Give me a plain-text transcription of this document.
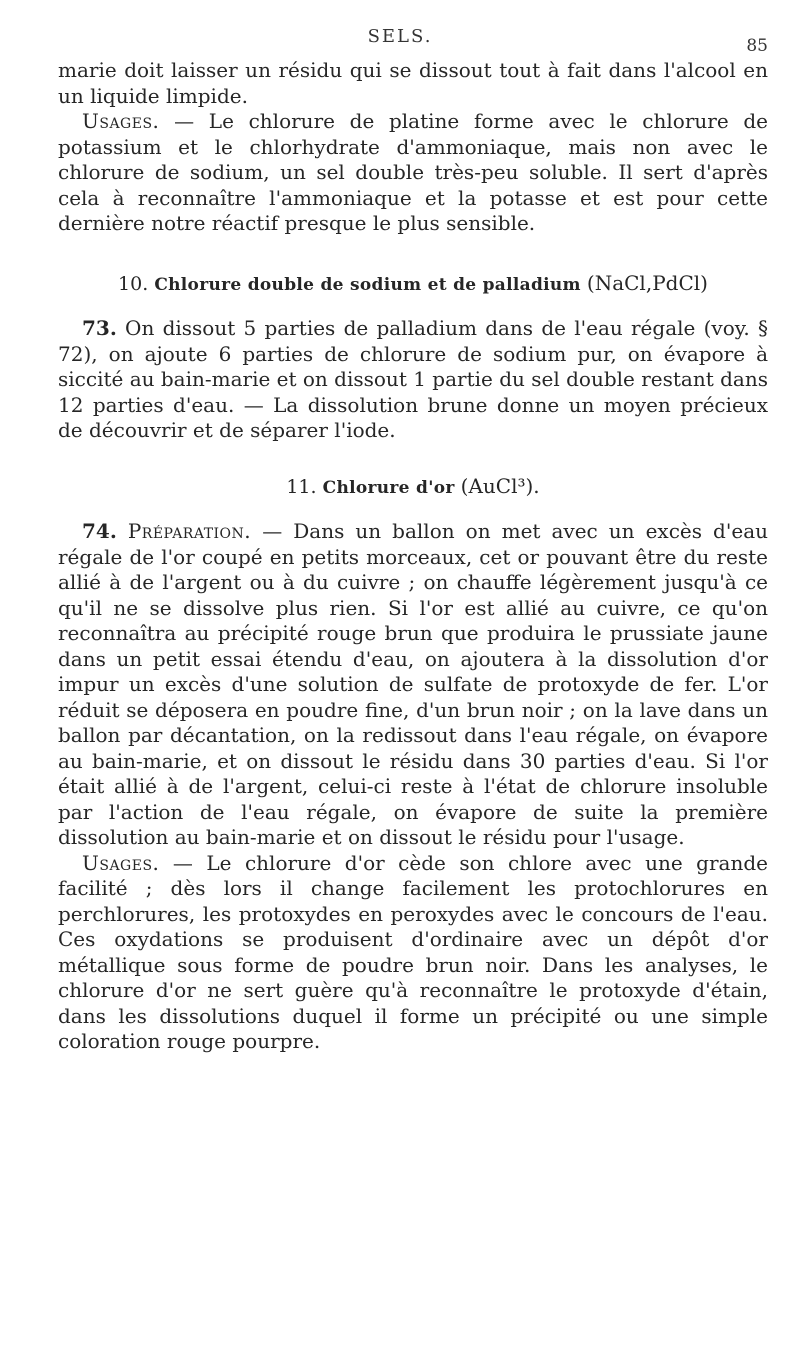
SELS.	85

marie doit laisser un résidu qui se dissout tout à fait dans l'alcool en un liquide limpide.

Usages. — Le chlorure de platine forme avec le chlorure de potassium et le chlorhydrate d'ammoniaque, mais non avec le chlorure de sodium, un sel double très-peu soluble. Il sert d'après cela à reconnaître l'ammoniaque et la potasse et est pour cette dernière notre réactif presque le plus sensible.

10. Chlorure double de sodium et de palladium (NaCl,PdCl)

73. On dissout 5 parties de palladium dans de l'eau régale (voy. § 72), on ajoute 6 parties de chlorure de sodium pur, on évapore à siccité au bain-marie et on dissout 1 partie du sel double restant dans 12 parties d'eau. — La dissolution brune donne un moyen précieux de découvrir et de séparer l'iode.

11. Chlorure d'or (AuCl³).

74. Préparation. — Dans un ballon on met avec un excès d'eau régale de l'or coupé en petits morceaux, cet or pouvant être du reste allié à de l'argent ou à du cuivre ; on chauffe légèrement jusqu'à ce qu'il ne se dissolve plus rien. Si l'or est allié au cuivre, ce qu'on reconnaîtra au précipité rouge brun que produira le prussiate jaune dans un petit essai étendu d'eau, on ajoutera à la dissolution d'or impur un excès d'une solution de sulfate de protoxyde de fer. L'or réduit se déposera en poudre fine, d'un brun noir ; on la lave dans un ballon par décantation, on la redissout dans l'eau régale, on évapore au bain-marie, et on dissout le résidu dans 30 parties d'eau. Si l'or était allié à de l'argent, celui-ci reste à l'état de chlorure insoluble par l'action de l'eau régale, on évapore de suite la première dissolution au bain-marie et on dissout le résidu pour l'usage.

Usages. — Le chlorure d'or cède son chlore avec une grande facilité ; dès lors il change facilement les protochlorures en perchlorures, les protoxydes en peroxydes avec le concours de l'eau. Ces oxydations se produisent d'ordinaire avec un dépôt d'or métallique sous forme de poudre brun noir. Dans les analyses, le chlorure d'or ne sert guère qu'à reconnaître le protoxyde d'étain, dans les dissolutions duquel il forme un précipité ou une simple coloration rouge pourpre.
